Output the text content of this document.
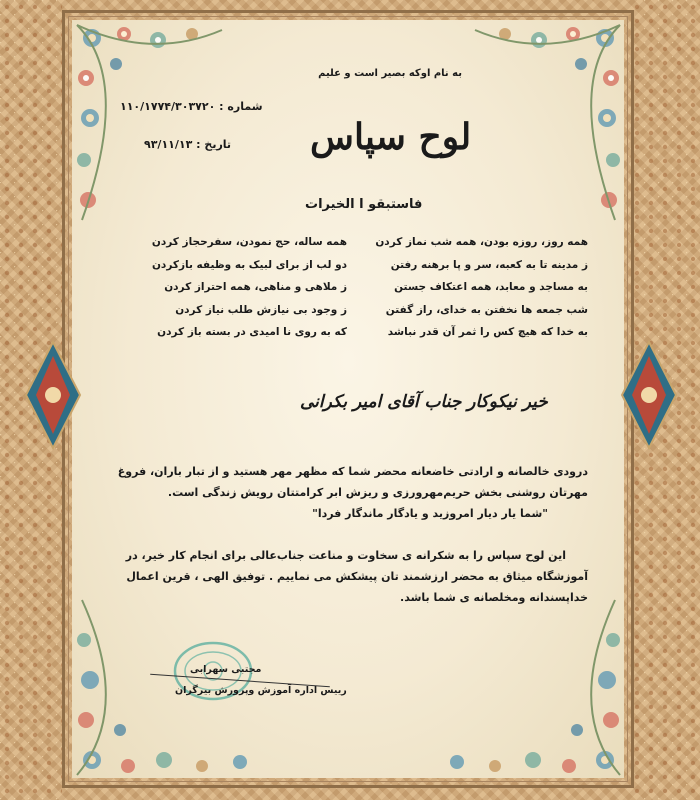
به نام اوکه بصیر است و علیم
شماره : ۱۱۰/۱۷۷۴/۳۰۳۷۲۰
تاریخ : ۹۳/۱۱/۱۳ لوح سپاس
فاستبقو ا الخیرات
همه روز، روزه بودن، همه شب نماز کردن
ز مدینه تا به کعبه، سر و پا برهنه رفتن
به مساجد و معابد، همه اعتکاف جستن
شب جمعه ها نخفتن به خدای، راز گفتن
به خدا که هیچ کس را ثمر آن قدر نباشد
همه ساله، حج نمودن، سفرحجاز کردن
دو لب از برای لبیک به وظیفه بازکردن
ز ملاهی و مناهی، همه احتراز کردن
ز وجود بی نیازش طلب نیاز کردن
که به روی نا امیدی در بسته باز کردن
خیر نیکوکار جناب آقای امیر بکرانی
درودی خالصانه و ارادتی خاضعانه محضر شما که مظهر مهر هستید و از تبار باران، فروغ
مهرتان روشنی بخش حریم‌مهرورزی و ریزش ابر کرامتتان رویش زندگی است.
"شما یار دیار امروزید و یادگار ماندگار فردا"
این لوح سپاس را به شکرانه ی سخاوت و مناعت جناب‌عالی برای انجام کار خیر، در
آموزشگاه میثاق به محضر ارزشمند تان پیشکش می نماییم . توفیق الهی ، قرین اعمال
خداپسندانه ومخلصانه ی شما باشد.
مجتبی سهرابی
رییس اداره آموزش وپرورش بیرگران
